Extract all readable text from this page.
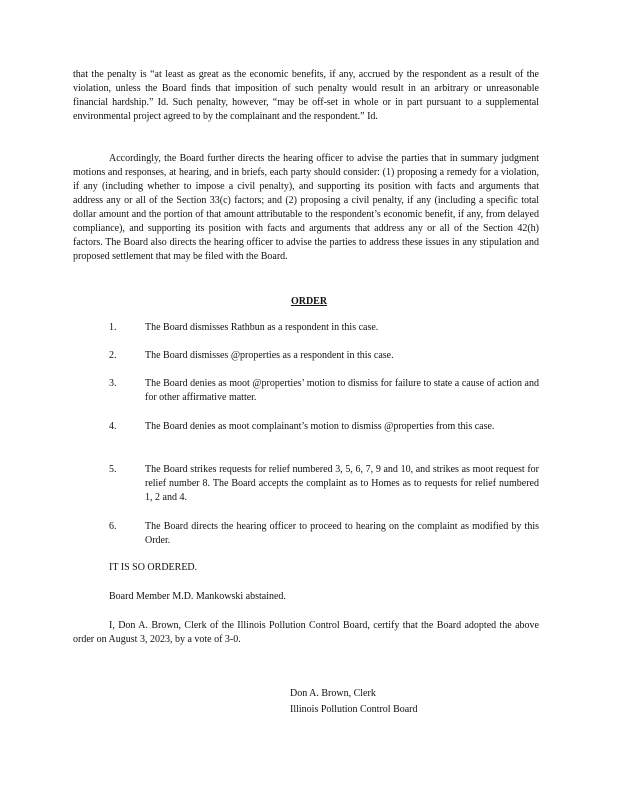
that the penalty is “at least as great as the economic benefits, if any, accrued by the respondent as a result of the violation, unless the Board finds that imposition of such penalty would result in an arbitrary or unreasonable financial hardship.” Id. Such penalty, however, “may be off-set in whole or in part pursuant to a supplemental environmental project agreed to by the complainant and the respondent.” Id.

Accordingly, the Board further directs the hearing officer to advise the parties that in summary judgment motions and responses, at hearing, and in briefs, each party should consider: (1) proposing a remedy for a violation, if any (including whether to impose a civil penalty), and supporting its position with facts and arguments that address any or all of the Section 33(c) factors; and (2) proposing a civil penalty, if any (including a specific total dollar amount and the portion of that amount attributable to the respondent’s economic benefit, if any, from delayed compliance), and supporting its position with facts and arguments that address any or all of the Section 42(h) factors. The Board also directs the hearing officer to advise the parties to address these issues in any stipulation and proposed settlement that may be filed with the Board.

ORDER
1.	The Board dismisses Rathbun as a respondent in this case.
2.	The Board dismisses @properties as a respondent in this case.
3.	The Board denies as moot @properties’ motion to dismiss for failure to state a cause of action and for other affirmative matter.
4.	The Board denies as moot complainant’s motion to dismiss @properties from this case.
5.	The Board strikes requests for relief numbered 3, 5, 6, 7, 9 and 10, and strikes as moot request for relief number 8. The Board accepts the complaint as to Homes as to requests for relief numbered 1, 2 and 4.
6.	The Board directs the hearing officer to proceed to hearing on the complaint as modified by this Order.
IT IS SO ORDERED.
Board Member M.D. Mankowski abstained.

I, Don A. Brown, Clerk of the Illinois Pollution Control Board, certify that the Board adopted the above order on August 3, 2023, by a vote of 3-0.

Don A. Brown, Clerk
Illinois Pollution Control Board
